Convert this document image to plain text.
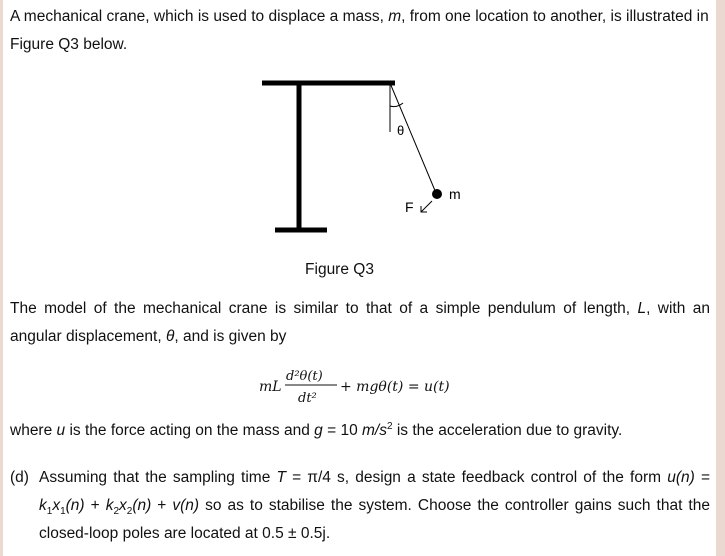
A mechanical crane, which is used to displace a mass, m, from one location to another, is illustrated in Figure Q3 below.
θ
m
F
Figure Q3
The model of the mechanical crane is similar to that of a simple pendulum of length, L, with an angular displacement, θ, and is given by
mL
d²θ(t)
dt²
+ mgθ(t) = u(t)
where u is the force acting on the mass and g = 10 $m/s^2$ is the acceleration due to gravity.
(d) Assuming that the sampling time T = π/4 s, design a state feedback control of the form $u(n) = k_1x_1(n) + k_2x_2(n) + v(n)$ so as to stabilise the system. Choose the controller gains such that the closed-loop poles are located at 0.5 ± 0.5j.
